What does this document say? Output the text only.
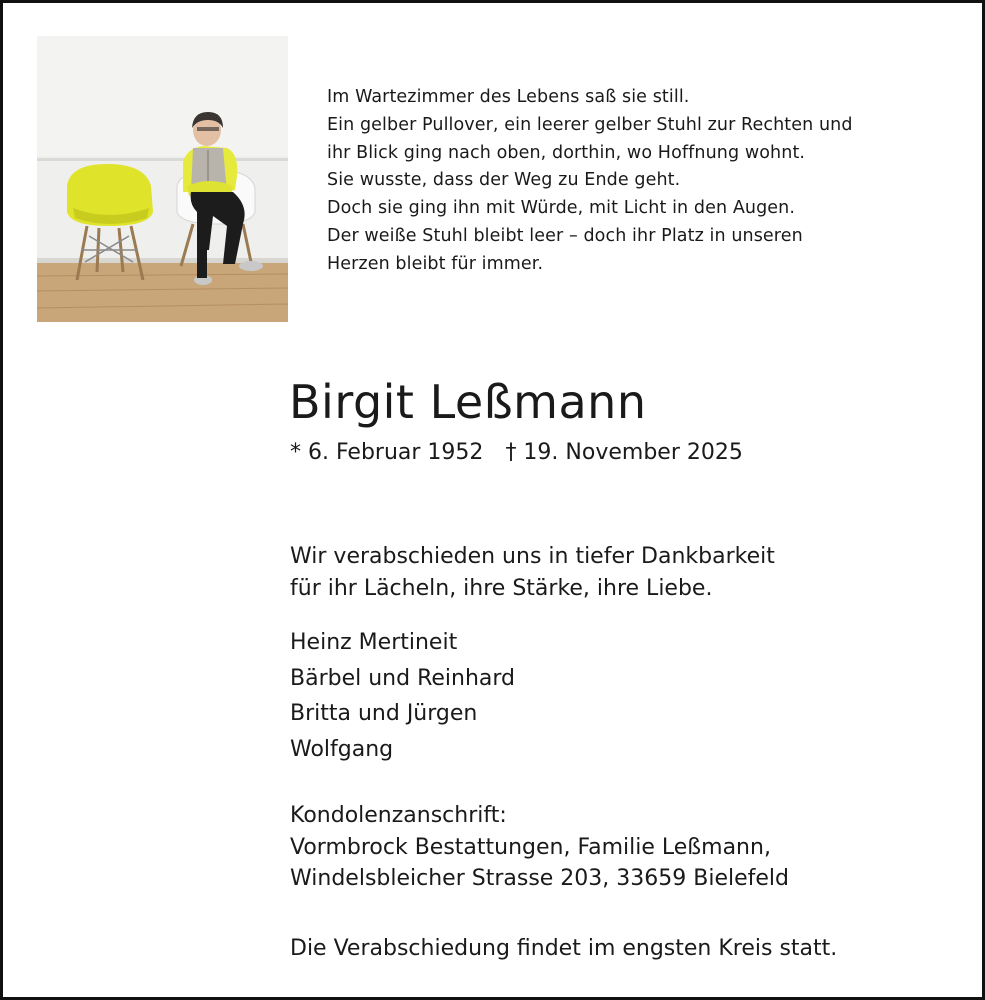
Im Wartezimmer des Lebens saß sie still.
Ein gelber Pullover, ein leerer gelber Stuhl zur Rechten und
ihr Blick ging nach oben, dorthin, wo Hoffnung wohnt.
Sie wusste, dass der Weg zu Ende geht.
Doch sie ging ihn mit Würde, mit Licht in den Augen.
Der weiße Stuhl bleibt leer – doch ihr Platz in unseren
Herzen bleibt für immer.
Birgit Leßmann
* 6. Februar 1952 † 19. November 2025
Wir verabschieden uns in tiefer Dankbarkeit
für ihr Lächeln, ihre Stärke, ihre Liebe.
Heinz Mertineit
Bärbel und Reinhard
Britta und Jürgen
Wolfgang
Kondolenzanschrift:
Vormbrock Bestattungen, Familie Leßmann,
Windelsbleicher Strasse 203, 33659 Bielefeld
Die Verabschiedung findet im engsten Kreis statt.
